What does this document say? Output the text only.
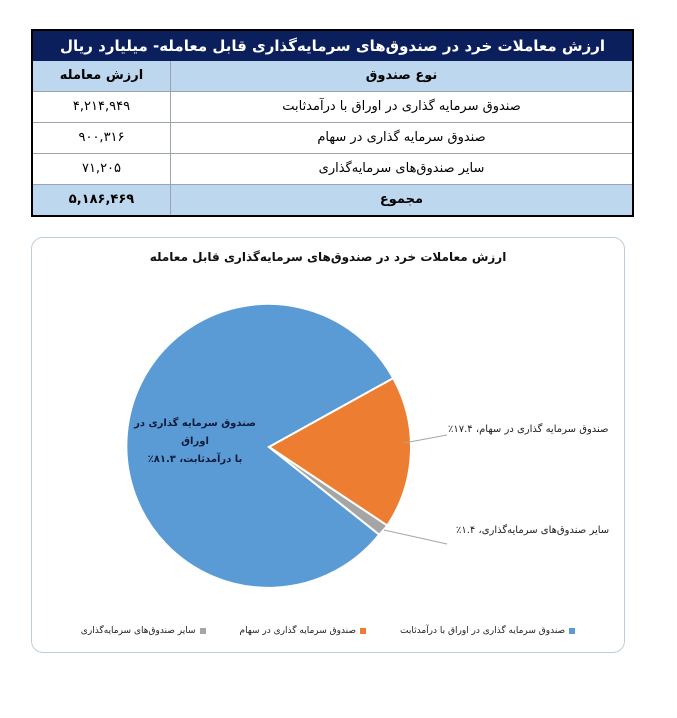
ارزش معاملات خرد در صندوق‌های سرمایه‌گذاری قابل معامله- میلیارد ریال
نوع صندوق
ارزش معامله
صندوق سرمایه گذاری در اوراق با درآمدثابت
۴,۲۱۴,۹۴۹
صندوق سرمایه گذاری در سهام
۹۰۰,۳۱۶
سایر صندوق‌های سرمایه‌گذاری
۷۱,۲۰۵
مجموع
۵,۱۸۶,۴۶۹
ارزش معاملات خرد در صندوق‌های سرمایه‌گذاری قابل معامله
صندوق سرمایه گذاری در اوراق
با درآمدثابت، ۸۱.۳٪
صندوق سرمایه گذاری در سهام، ۱۷.۴٪
سایر صندوق‌های سرمایه‌گذاری، ۱.۴٪
صندوق سرمایه گذاری در اوراق با درآمدثابت
صندوق سرمایه گذاری در سهام
سایر صندوق‌های سرمایه‌گذاری
